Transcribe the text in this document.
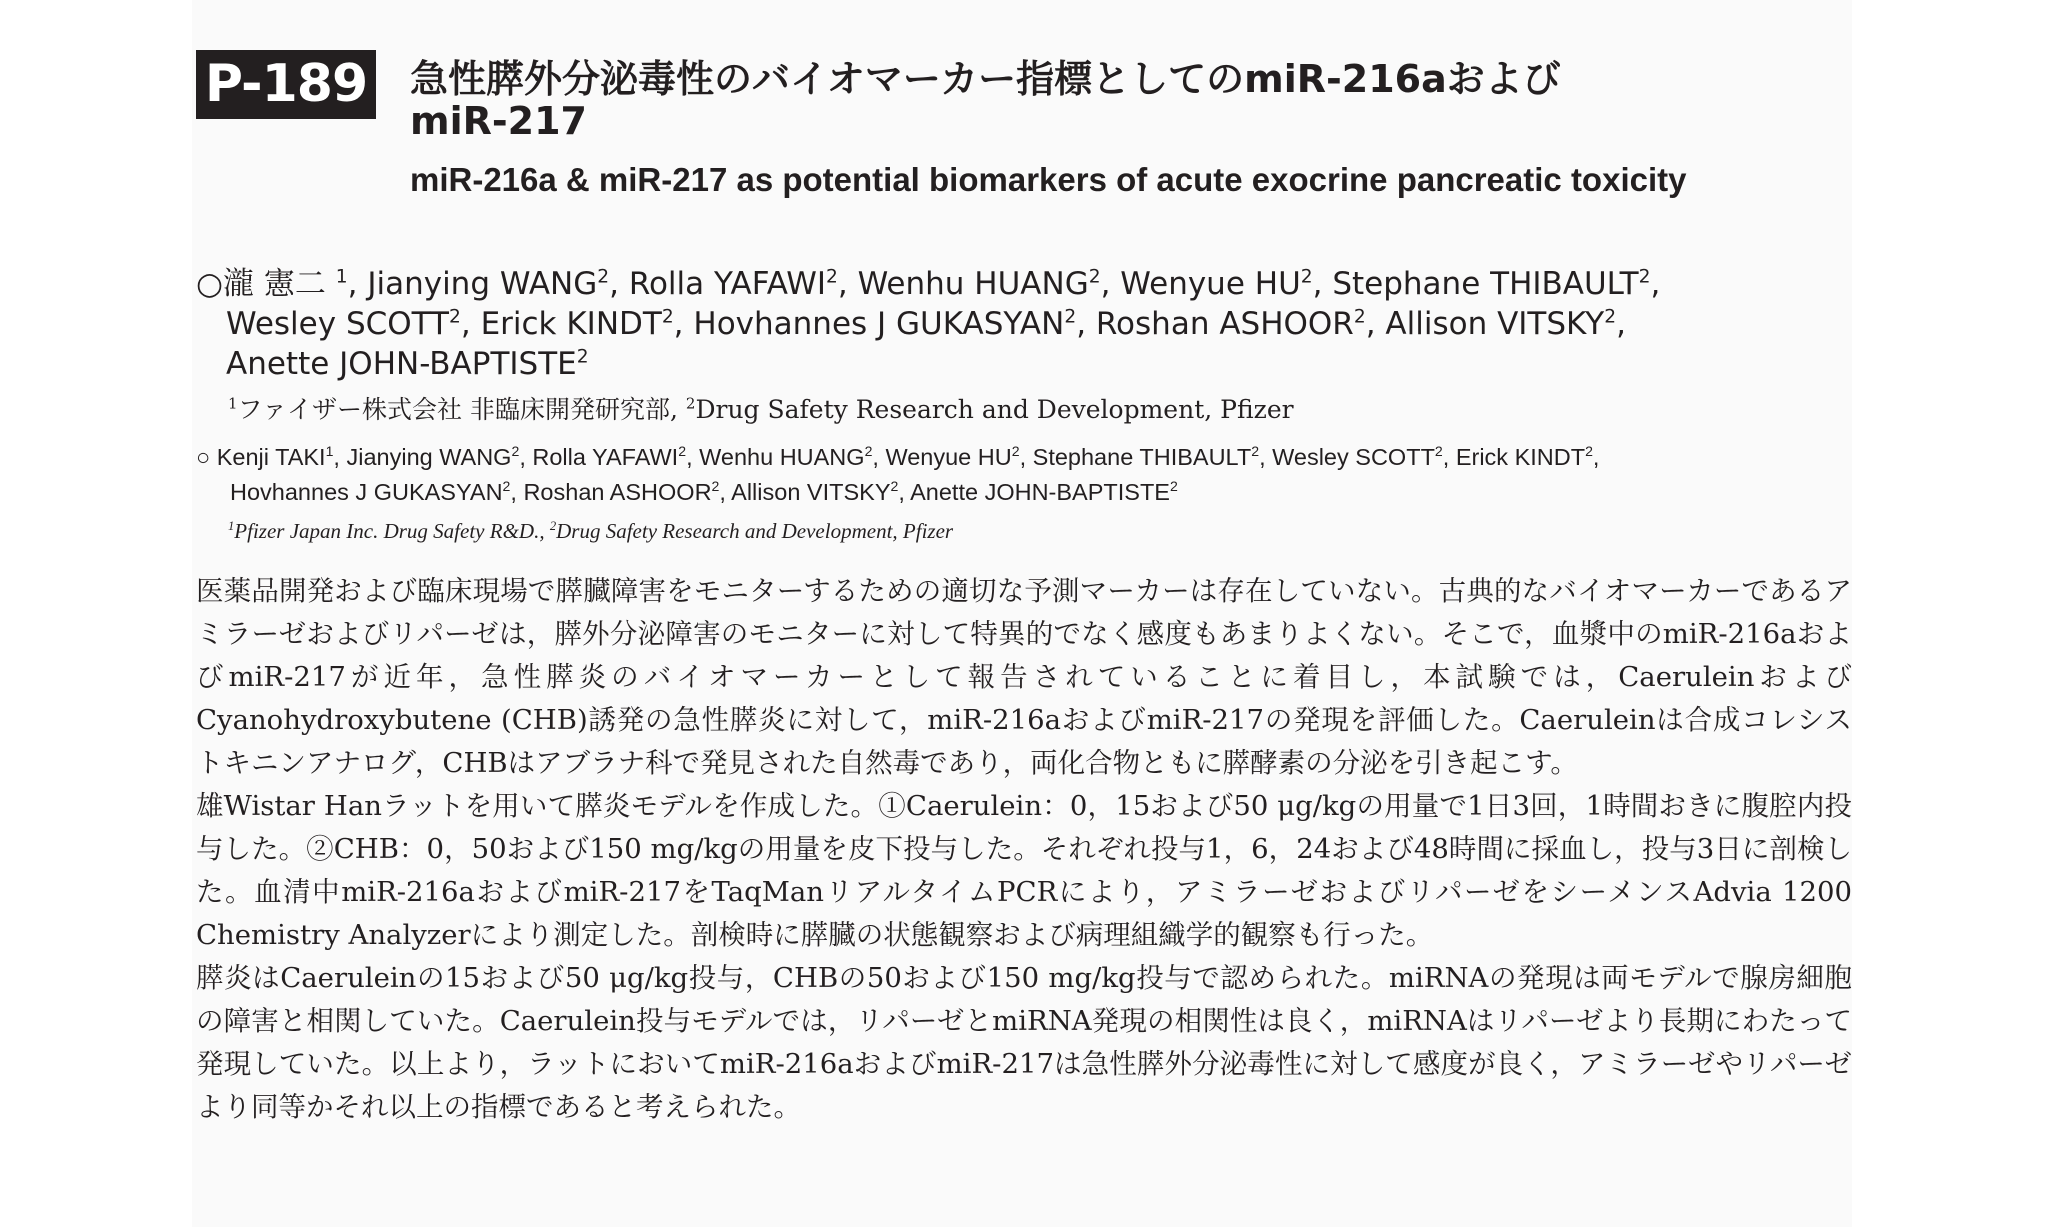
P-189 急性膵外分泌毒性のバイオマーカー指標としてのmiR-216aおよび
miR-217
miR-216a & miR-217 as potential biomarkers of acute exocrine pancreatic toxicity
○瀧 憲二 $^1$, Jianying WANG$^2$, Rolla YAFAWI$^2$, Wenhu HUANG$^2$, Wenyue $HU^2$, Stephane THIBAULT$^2$,
Wesley SCOTT$^2$, Erick KINDT$^2$, Hovhannes J GUKASYAN$^2$, Roshan ASHOOR$^2$, Allison VITSKY$^2$,
Anette JOHN-BAPTISTE$^2$
$^1$ファイザー株式会社 非臨床開発研究部, $^2$Drug Safety Research and Development, Pfizer
○ Kenji TAKI$^1$, Jianying WANG$^2$, Rolla YAFAWI$^2$, Wenhu HUANG$^2$, Wenyue $HU^2$, Stephane THIBAULT$^2$, Wesley SCOTT$^2$, Erick KINDT$^2$,
Hovhannes J GUKASYAN$^2$, Roshan ASHOOR$^2$, Allison VITSKY$^2$, Anette JOHN-BAPTISTE$^2$
$^1$Pfizer Japan Inc. Drug Safety R&D., $^2$Drug Safety Research and Development, Pfizer

医薬品開発および臨床現場で膵臓障害をモニターするための適切な予測マーカーは存在していない。古典的なバイオマーカーであるアミラーゼおよびリパーゼは，膵外分泌障害のモニターに対して特異的でなく感度もあまりよくない。そこで，血漿中のmiR-216aおよびmiR-217が近年，急性膵炎のバイオマーカーとして報告されていることに着目し，本試験では，CaeruleinおよびCyanohydroxybutene (CHB)誘発の急性膵炎に対して，miR-216aおよびmiR-217の発現を評価した。Caeruleinは合成コレシストキニンアナログ，CHBはアブラナ科で発見された自然毒であり，両化合物ともに膵酵素の分泌を引き起こす。

雄Wistar Hanラットを用いて膵炎モデルを作成した。①Caerulein：0，15および50 μg/kgの用量で1日3回，1時間おきに腹腔内投与した。②CHB：0，50および150 mg/kgの用量を皮下投与した。それぞれ投与1，6，24および48時間に採血し，投与3日に剖検した。血清中miR-216aおよびmiR-217をTaqManリアルタイムPCRにより，アミラーゼおよびリパーゼをシーメンスAdvia 1200 Chemistry Analyzerにより測定した。剖検時に膵臓の状態観察および病理組織学的観察も行った。

膵炎はCaeruleinの15および50 μg/kg投与，CHBの50および150 mg/kg投与で認められた。miRNAの発現は両モデルで腺房細胞の障害と相関していた。Caerulein投与モデルでは，リパーゼとmiRNA発現の相関性は良く，miRNAはリパーゼより長期にわたって発現していた。以上より，ラットにおいてmiR-216aおよびmiR-217は急性膵外分泌毒性に対して感度が良く，アミラーゼやリパーゼより同等かそれ以上の指標であると考えられた。
